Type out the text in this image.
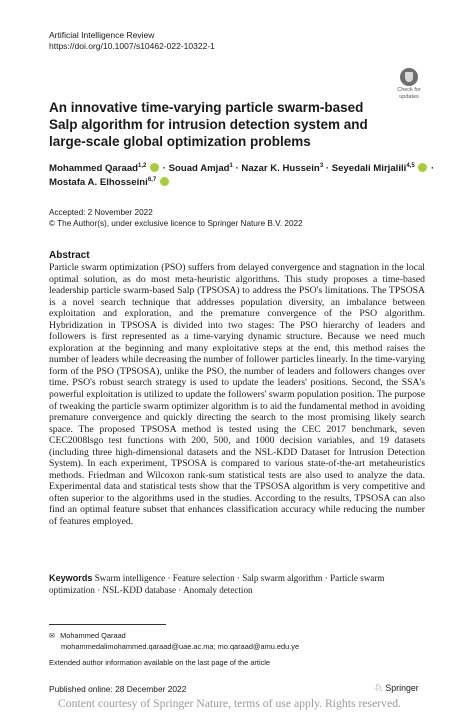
Artificial Intelligence Review
https://doi.org/10.1007/s10462-022-10322-1
Check for
updates
An innovative time-varying particle swarm-based Salp algorithm for intrusion detection system and large-scale global optimization problems
Mohammed Qaraad$^{1,2}$  · Souad Amjad$^1$ · Nazar K. Hussein$^3$ · Seyedali Mirjalili$^{4,5}$  · Mostafa A. Elhosseini$^{6,7}$
Accepted: 2 November 2022
© The Author(s), under exclusive licence to Springer Nature B.V. 2022
Abstract

Particle swarm optimization (PSO) suffers from delayed convergence and stagnation in the local optimal solution, as do most meta-heuristic algorithms. This study proposes a time-based leadership particle swarm-based Salp (TPSOSA) to address the PSO's limitations. The TPSOSA is a novel search technique that addresses population diversity, an imbalance between exploitation and exploration, and the premature convergence of the PSO algorithm. Hybridization in TPSOSA is divided into two stages: The PSO hierarchy of leaders and followers is first represented as a time-varying dynamic structure. Because we need much exploration at the beginning and many exploitative steps at the end, this method raises the number of leaders while decreasing the number of follower particles linearly. In the time-varying form of the PSO (TPSOSA), unlike the PSO, the number of leaders and followers changes over time. PSO's robust search strategy is used to update the leaders' positions. Second, the SSA's powerful exploitation is utilized to update the followers' swarm population position. The purpose of tweaking the particle swarm optimizer algorithm is to aid the fundamental method in avoiding premature convergence and quickly directing the search to the most promising likely search space. The proposed TPSOSA method is tested using the CEC 2017 benchmark, seven CEC2008lsgo test functions with 200, 500, and 1000 decision variables, and 19 datasets (including three high-dimensional datasets and the NSL-KDD Dataset for Intrusion Detection System). In each experiment, TPSOSA is compared to various state-of-the-art metaheuristics methods. Friedman and Wilcoxon rank-sum statistical tests are also used to analyze the data. Experimental data and statistical tests show that the TPSOSA algorithm is very competitive and often superior to the algorithms used in the studies. According to the results, TPSOSA can also find an optimal feature subset that enhances classification accuracy while reducing the number of features employed.

Keywords Swarm intelligence · Feature selection · Salp swarm algorithm · Particle swarm optimization · NSL-KDD database · Anomaly detection
✉ Mohammed Qaraad
mohammedalimohammed.qaraad@uae.ac.ma; mo.qaraad@amu.edu.ye
Extended author information available on the last page of the article
Published online: 28 December 2022	♘ Springer
Content courtesy of Springer Nature, terms of use apply. Rights reserved.
